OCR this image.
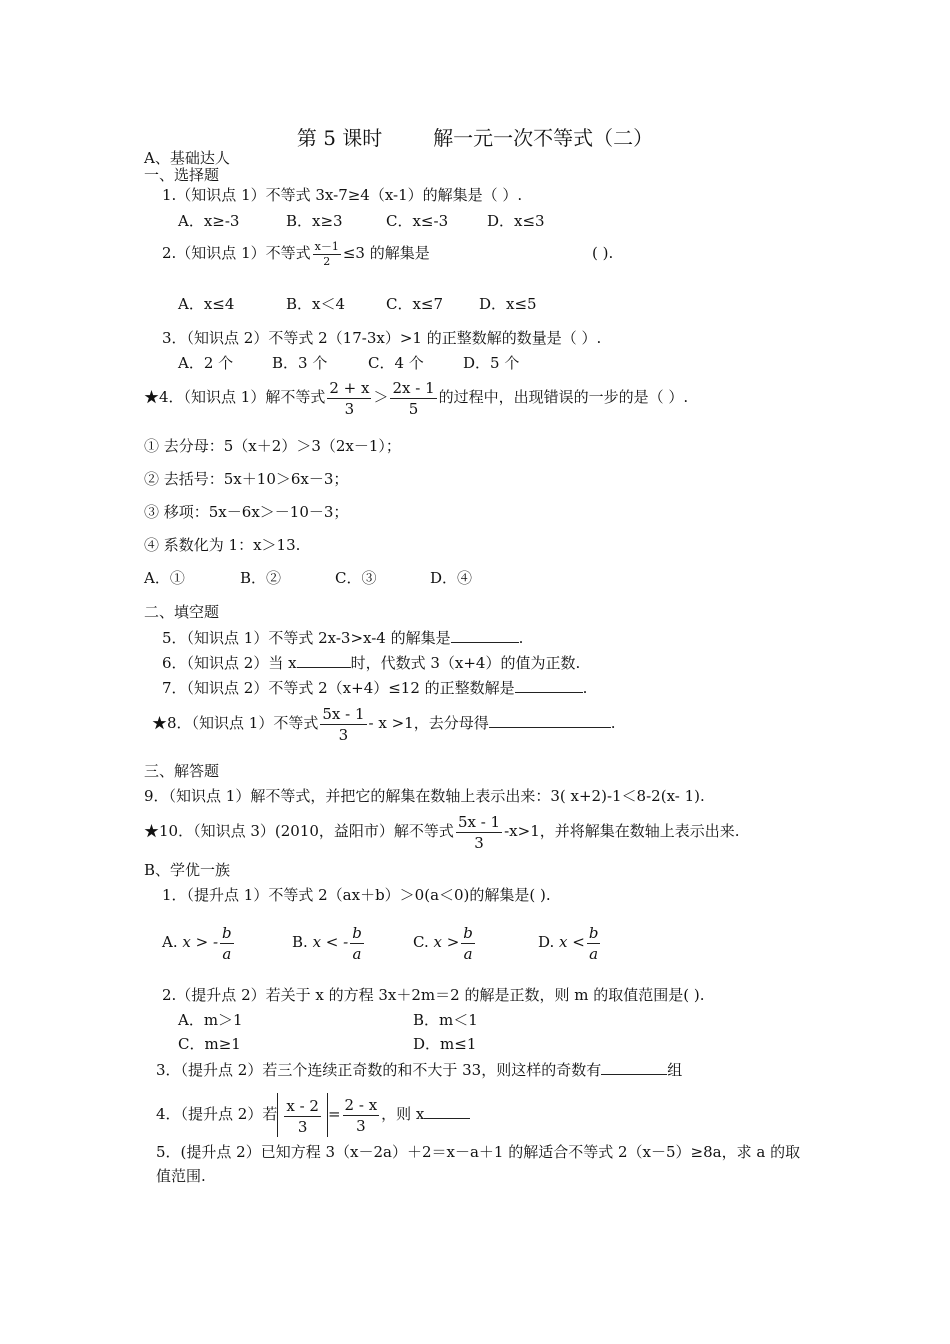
第 5 课时        解一元一次不等式（二）
A、基础达人
一、选择题
1.（知识点 1）不等式 3x-7≥4（x-1）的解集是（ ）.
A．x≥-3	B．x≥3	C．x≤-3	D．x≤3
2.（知识点 1）不等式 $\frac{x-1}{2} \le 3$ 的解集是	( ).
A．x≤4	B．x＜4	C．x≤7 D．x≤5
3．（知识点 2）不等式 2（17-3x）>1 的正整数解的数量是（ ）.
A．2 个	B．3 个	C．4 个	D．5 个
★4．（知识点 1）解不等式 $\frac{2 + x}{3} > \frac{2x - 1}{5}$ 的过程中，出现错误的一步的是（ ）.
① 去分母：5（x＋2）＞3（2x－1）；
② 去括号：5x＋10＞6x－3；
③ 移项：5x－6x＞－10－3；
④ 系数化为 1：x＞13.
A．①	B．②	C．③	D．④
二、填空题
5．（知识点 1）不等式 2x-3>x-4 的解集是	.
6．（知识点 2）当 x	时，代数式 3（x+4）的值为正数.
7．（知识点 2）不等式 2（x+4）≤12 的正整数解是	.
★8．（知识点 1）不等式 $\frac{5x - 1}{3} - x >1$，去分母得	.
三、解答题
9．（知识点 1）解不等式，并把它的解集在数轴上表示出来：3( x+2)-1＜8-2(x- 1).
★10．（知识点 3）(2010，益阳市）解不等式 $\frac{5x - 1}{3} -x>1$，并将解集在数轴上表示出来.
B、学优一族
1．（提升点 1）不等式 2（ax＋b）＞0(a＜0)的解集是( ).
A. x > - $\frac{b}{a}$	B. x < - $\frac{b}{a}$	C. $x > \frac{b}{a}$	D. $x < \frac{b}{a}$
2.（提升点 2）若关于 x 的方程 3x＋2m＝2 的解是正数，则 m 的取值范围是( ).
A．m＞1	B．m＜1
C．m≥1	D．m≤1
3．（提升点 2）若三个连续正奇数的和不大于 33，则这样的奇数有	组
4．（提升点 2）若 $\frac{x - 2}{3} = \frac{2 - x}{3}$ ，则 x
5．(提升点 2）已知方程 3（x－2a）＋2＝x－a＋1 的解适合不等式 2（x－5）≥8a，求 a 的取
值范围.
